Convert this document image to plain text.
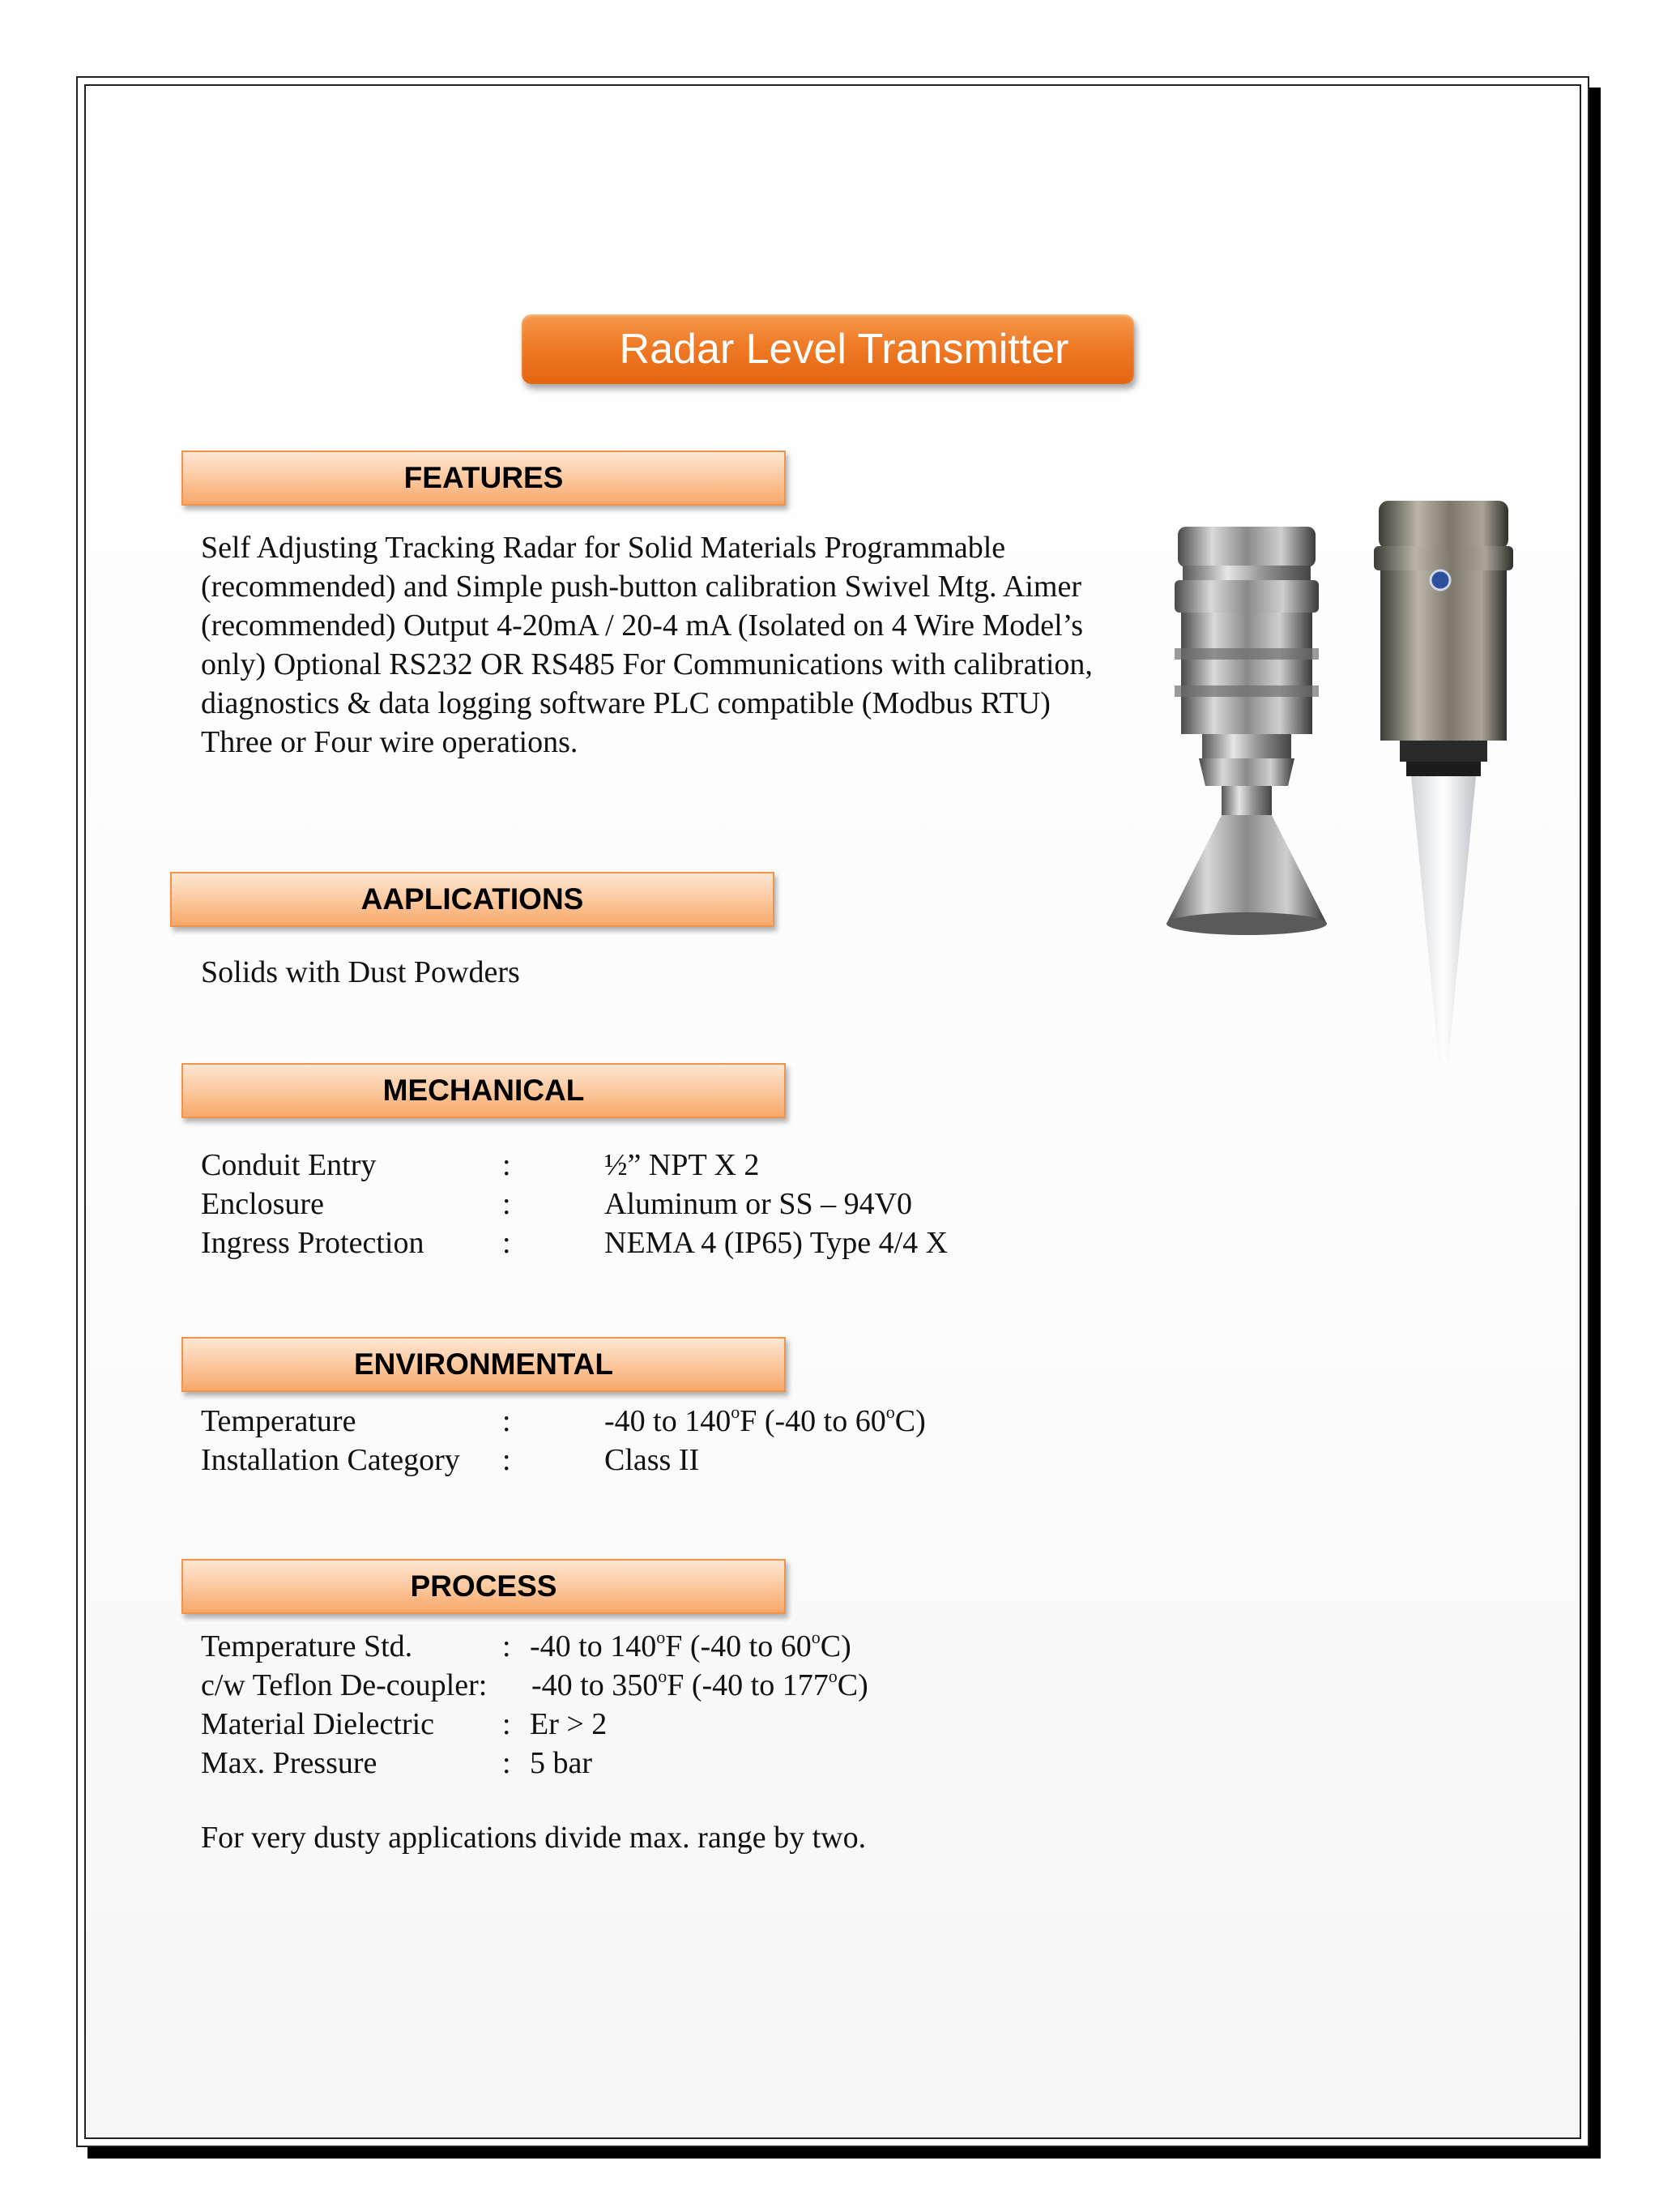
Radar Level Transmitter
FEATURES
Self Adjusting Tracking Radar for Solid Materials Programmable (recommended) and Simple push-button calibration Swivel Mtg. Aimer (recommended) Output 4-20mA / 20-4 mA (Isolated on 4 Wire Model’s only) Optional RS232 OR RS485 For Communications with calibration, diagnostics & data logging software PLC compatible (Modbus RTU) Three or Four wire operations.
AAPLICATIONS
Solids with Dust Powders
MECHANICAL
Conduit Entry	:	½” NPT X 2
Enclosure	:	Aluminum or SS – 94V0
Ingress Protection	:	NEMA 4 (IP65) Type 4/4 X
ENVIRONMENTAL
Temperature	:	-40 to 140$^o$F (-40 to 60$^o$C)
Installation Category :	Class II
PROCESS
Temperature Std.	: -40 to 140$^o$F (-40 to 60$^o$C)
c/w Teflon De-coupler: -40 to 350$^o$F (-40 to 177$^o$C)
Material Dielectric : Er > 2
Max. Pressure	: 5 bar
For very dusty applications divide max. range by two.
